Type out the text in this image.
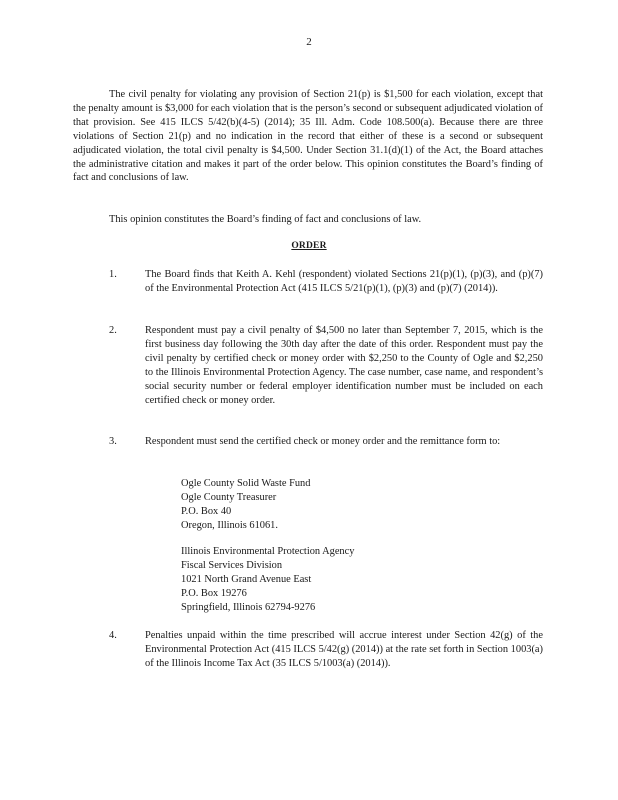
2
The civil penalty for violating any provision of Section 21(p) is $1,500 for each violation, except that the penalty amount is $3,000 for each violation that is the person’s second or subsequent adjudicated violation of that provision. See 415 ILCS 5/42(b)(4-5) (2014); 35 Ill. Adm. Code 108.500(a). Because there are three violations of Section 21(p) and no indication in the record that either of these is a second or subsequent adjudicated violation, the total civil penalty is $4,500. Under Section 31.1(d)(1) of the Act, the Board attaches the administrative citation and makes it part of the order below. This opinion constitutes the Board’s finding of fact and conclusions of law.
This opinion constitutes the Board’s finding of fact and conclusions of law.
ORDER
1.	The Board finds that Keith A. Kehl (respondent) violated Sections 21(p)(1), (p)(3), and (p)(7) of the Environmental Protection Act (415 ILCS 5/21(p)(1), (p)(3) and (p)(7) (2014)).
2.	Respondent must pay a civil penalty of $4,500 no later than September 7, 2015, which is the first business day following the 30th day after the date of this order. Respondent must pay the civil penalty by certified check or money order with $2,250 to the County of Ogle and $2,250 to the Illinois Environmental Protection Agency. The case number, case name, and respondent’s social security number or federal employer identification number must be included on each certified check or money order.
3.	Respondent must send the certified check or money order and the remittance form to:
Ogle County Solid Waste Fund
Ogle County Treasurer
P.O. Box 40
Oregon, Illinois 61061.
Illinois Environmental Protection Agency
Fiscal Services Division
1021 North Grand Avenue East
P.O. Box 19276
Springfield, Illinois 62794-9276
4.	Penalties unpaid within the time prescribed will accrue interest under Section 42(g) of the Environmental Protection Act (415 ILCS 5/42(g) (2014)) at the rate set forth in Section 1003(a) of the Illinois Income Tax Act (35 ILCS 5/1003(a) (2014)).
